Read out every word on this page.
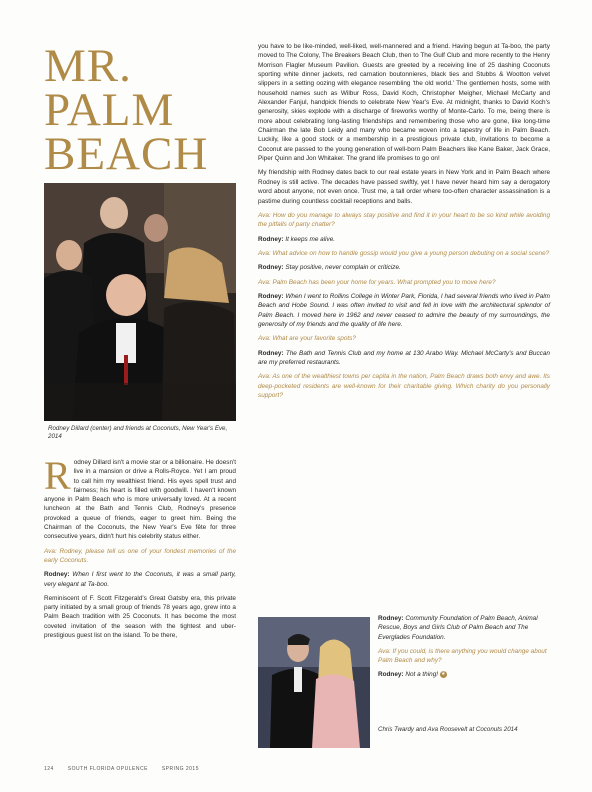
MR.
PALM
BEACH
Rodney Dillard (center) and friends at Coconuts, New Year's Eve, 2014

Rodney Dillard isn't a movie star or a billionaire. He doesn't live in a mansion or drive a Rolls-Royce. Yet I am proud to call him my wealthiest friend. His eyes spell trust and fairness; his heart is filled with goodwill. I haven't known anyone in Palm Beach who is more universally loved. At a recent luncheon at the Bath and Tennis Club, Rodney's presence provoked a queue of friends, eager to greet him. Being the Chairman of the Coconuts, the New Year's Eve fête for three consecutive years, didn't hurt his celebrity status either.

Ava: Rodney, please tell us one of your fondest memories of the early Coconuts.

Rodney: When I first went to the Coconuts, it was a small party, very elegant at Ta-boo.

Reminiscent of F. Scott Fitzgerald's Great Gatsby era, this private party initiated by a small group of friends 78 years ago, grew into a Palm Beach tradition with 25 Coconuts. It has become the most coveted invitation of the season with the tightest and uber-prestigious guest list on the island. To be there,

you have to be like-minded, well-liked, well-mannered and a friend. Having begun at Ta-boo, the party moved to The Colony, The Breakers Beach Club, then to The Gulf Club and more recently to the Henry Morrison Flagler Museum Pavilion. Guests are greeted by a receiving line of 25 dashing Coconuts sporting white dinner jackets, red carnation boutonnieres, black ties and Stubbs & Wootton velvet slippers in a setting oozing with elegance resembling 'the old world.' The gentlemen hosts, some with household names such as Wilbur Ross, David Koch, Christopher Meigher, Michael McCarty and Alexander Fanjul, handpick friends to celebrate New Year's Eve. At midnight, thanks to David Koch's generosity, skies explode with a discharge of fireworks worthy of Monte-Carlo. To me, being there is more about celebrating long-lasting friendships and remembering those who are gone, like long-time Chairman the late Bob Leidy and many who became woven into a tapestry of life in Palm Beach. Luckily, like a good stock or a membership in a prestigious private club, invitations to become a Coconut are passed to the young generation of well-born Palm Beachers like Kane Baker, Jack Grace, Piper Quinn and Jon Whitaker. The grand life promises to go on!

My friendship with Rodney dates back to our real estate years in New York and in Palm Beach where Rodney is still active. The decades have passed swiftly, yet I have never heard him say a derogatory word about anyone, not even once. Trust me, a tall order where too-often character assassination is a pastime during countless cocktail receptions and balls.

Ava: How do you manage to always stay positive and find it in your heart to be so kind while avoiding the pitfalls of party chatter?

Rodney: It keeps me alive.

Ava: What advice on how to handle gossip would you give a young person debuting on a social scene?

Rodney: Stay positive, never complain or criticize.

Ava: Palm Beach has been your home for years. What prompted you to move here?

Rodney: When I went to Rollins College in Winter Park, Florida, I had several friends who lived in Palm Beach and Hobe Sound. I was often invited to visit and fell in love with the architectural splendor of Palm Beach. I moved here in 1962 and never ceased to admire the beauty of my surroundings, the generosity of my friends and the quality of life here.

Ava: What are your favorite spots?

Rodney: The Bath and Tennis Club and my home at 130 Arabo Way. Michael McCarty's and Buccan are my preferred restaurants.

Ava: As one of the wealthiest towns per capita in the nation, Palm Beach draws both envy and awe. Its deep-pocketed residents are well-known for their charitable giving. Which charity do you personally support?

Rodney: Community Foundation of Palm Beach, Animal Rescue, Boys and Girls Club of Palm Beach and The Everglades Foundation.

Ava: If you could, is there anything you would change about Palm Beach and why?

Rodney: Not a thing! ❦

Chris Twardy and Ava Roosevelt at Coconuts 2014
124	SOUTH FLORIDA OPULENCE	SPRING 2015
